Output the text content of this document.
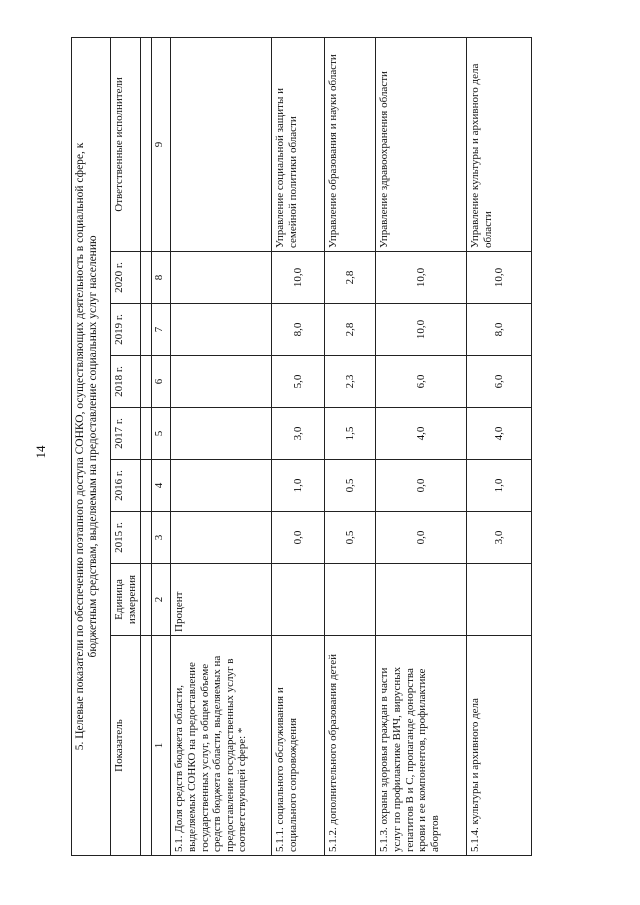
14 5. Целевые показатели по обеспечению поэтапного доступа СОНКО, осуществляющих деятельность в социальной сфере, к бюджетным средствам, выделяемым на предоставление социальных услуг населению								

Показатель	Единица измерения	2015 г.	2016 г.	2017 г.	2018 г.	2019 г.	2020 г.	Ответственные исполнители

1	2	3	4	5	6	7	8	9
5.1. Доля средств бюджета области, выделяемых СОНКО на предоставление государственных услуг, в общем объеме средств бюджета области, выделяемых на предоставление государственных услуг в соответствующей сфере: *	Процент							
5.1.1. социального обслуживания и социального сопровождения		0,0	1,0	3,0	5,0	8,0	10,0	Управление социальной защиты и семейной политики области
5.1.2. дополнительного образования детей		0,5	0,5	1,5	2,3	2,8	2,8	Управление образования и науки области
5.1.3. охраны здоровья граждан в части услуг по профилактике ВИЧ, вирусных гепатитов В и С, пропаганде донорства крови и ее компонентов, профилактике абортов		0,0	0,0	4,0	6,0	10,0	10,0	Управление здравоохранения области
5.1.4. культуры и архивного дела		3,0	1,0	4,0	6,0	8,0	10,0	Управление культуры и архивного дела области
